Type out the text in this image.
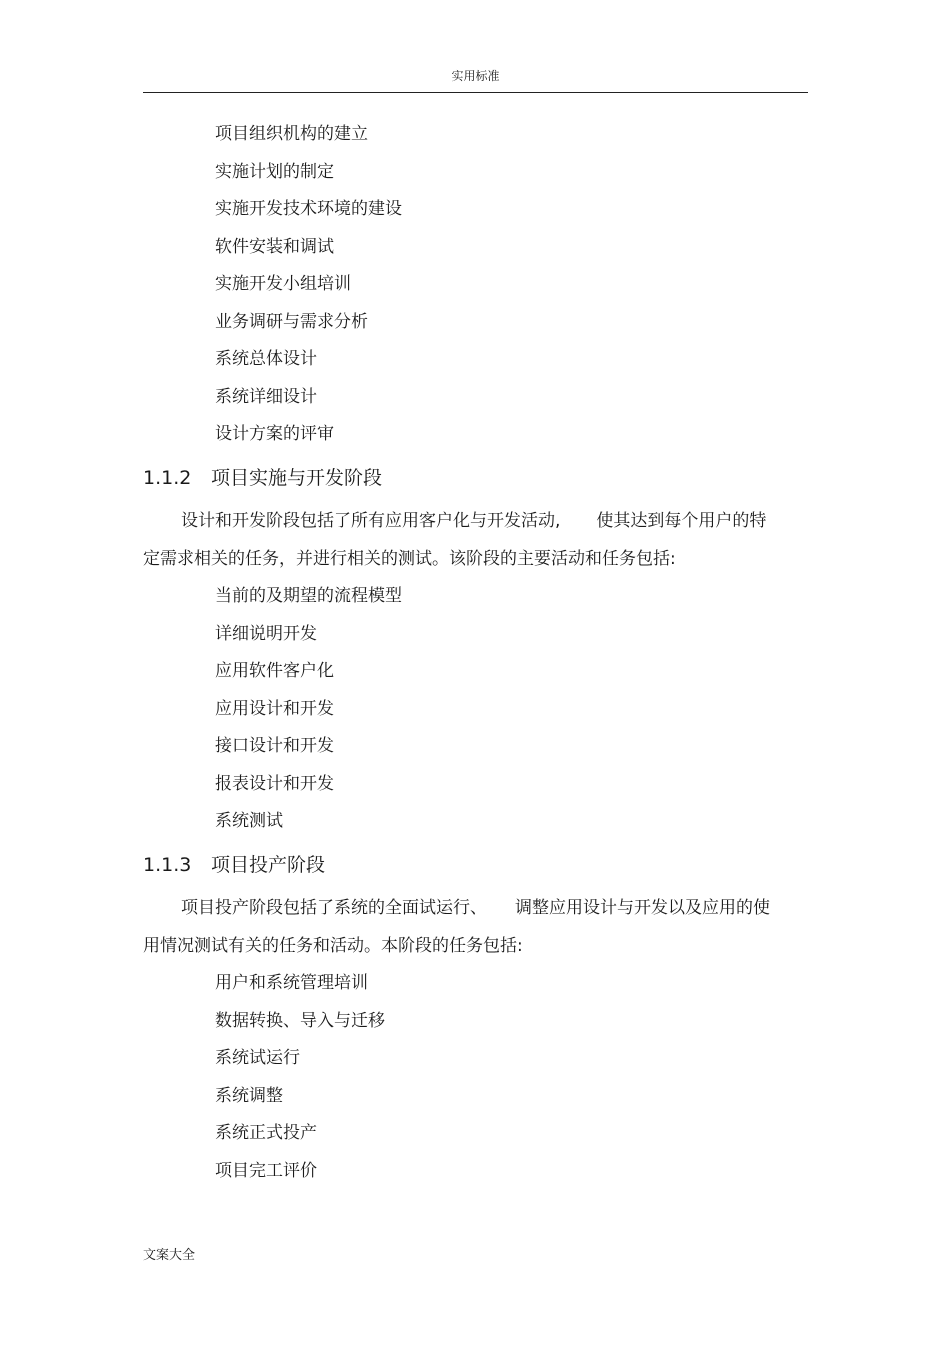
实用标准
项目组织机构的建立
实施计划的制定
实施开发技术环境的建设
软件安装和调试
实施开发小组培训
业务调研与需求分析
系统总体设计
系统详细设计
设计方案的评审
1.1.2 项目实施与开发阶段
设计和开发阶段包括了所有应用客户化与开发活动, 使其达到每个用户的特
定需求相关的任务，并进行相关的测试。该阶段的主要活动和任务包括:
当前的及期望的流程模型
详细说明开发
应用软件客户化
应用设计和开发
接口设计和开发
报表设计和开发
系统测试
1.1.3 项目投产阶段
项目投产阶段包括了系统的全面试运行、 调整应用设计与开发以及应用的使
用情况测试有关的任务和活动。本阶段的任务包括:
用户和系统管理培训
数据转换、导入与迁移
系统试运行
系统调整
系统正式投产
项目完工评价
文案大全
